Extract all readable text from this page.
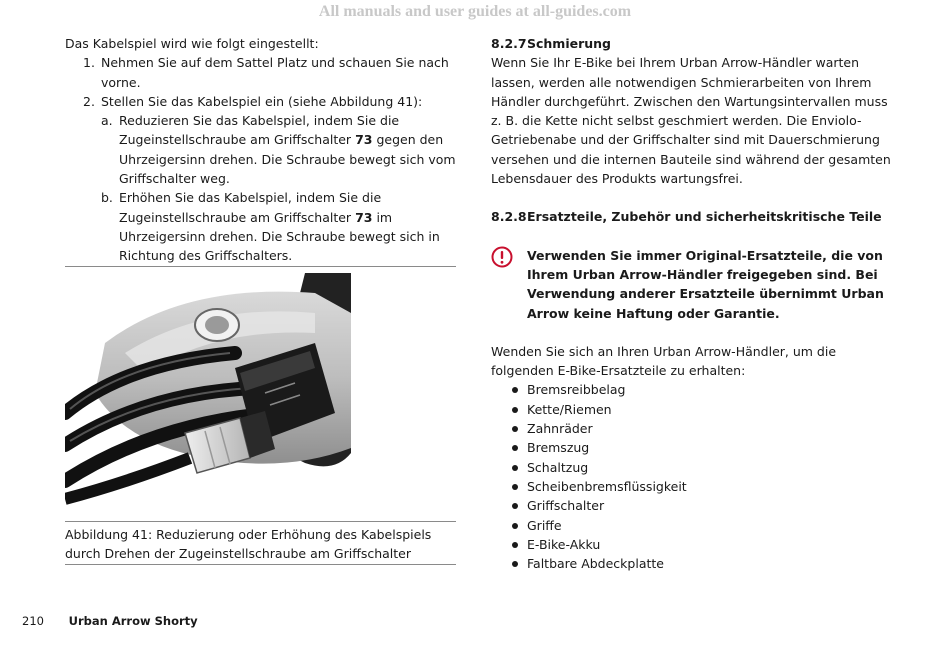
All manuals and user guides at all-guides.com

Das Kabelspiel wird wie folgt eingestellt:

1. Nehmen Sie auf dem Sattel Platz und schauen Sie nach vorne.
2. Stellen Sie das Kabelspiel ein (siehe Abbildung 41):
a. Reduzieren Sie das Kabelspiel, indem Sie die Zugeinstellschraube am Griffschalter 73 gegen den Uhrzeigersinn drehen. Die Schraube bewegt sich vom Griffschalter weg.
b. Erhöhen Sie das Kabelspiel, indem Sie die Zugeinstellschraube am Griffschalter 73 im Uhrzeigersinn drehen. Die Schraube bewegt sich in Richtung des Griffschalters.

Abbildung 41: Reduzierung oder Erhöhung des Kabelspiels durch Drehen der Zugeinstellschraube am Griffschalter

8.2.7Schmierung

Wenn Sie Ihr E-Bike bei Ihrem Urban Arrow-Händler warten lassen, werden alle notwendigen Schmierarbeiten von Ihrem Händler durchgeführt. Zwischen den Wartungsintervallen muss z. B. die Kette nicht selbst geschmiert werden. Die Enviolo-Getriebenabe und der Griffschalter sind mit Dauerschmierung versehen und die internen Bauteile sind während der gesamten Lebensdauer des Produkts wartungsfrei.

8.2.8Ersatzteile, Zubehör und sicherheitskritische Teile

Verwenden Sie immer Original-Ersatzteile, die von Ihrem Urban Arrow-Händler freigegeben sind. Bei Verwendung anderer Ersatzteile übernimmt Urban Arrow keine Haftung oder Garantie.

Wenden Sie sich an Ihren Urban Arrow-Händler, um die folgenden E-Bike-Ersatzteile zu erhalten:

Bremsreibbelag
Kette/Riemen
Zahnräder
Bremszug
Schaltzug
Scheibenbremsflüssigkeit
Griffschalter
Griffe
E-Bike-Akku
Faltbare Abdeckplatte
210 Urban Arrow Shorty
